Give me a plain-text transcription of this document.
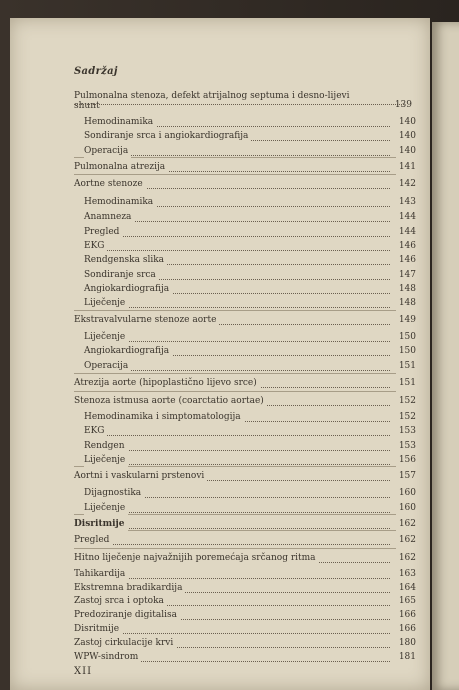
Sadržaj
Pulmonalna stenoza, defekt atrijalnog septuma i desno-lijevi
shunt	139
Hemodinamika	140
Sondiranje srca i angiokardiografija	140
Operacija	140
Pulmonalna atrezija	141
Aortne stenoze	142
Hemodinamika	143
Anamneza	144
Pregled	144
EKG	146
Rendgenska slika	146
Sondiranje srca	147
Angiokardiografija	148
Liječenje	148
Ekstravalvularne stenoze aorte	149
Liječenje	150
Angiokardiografija	150
Operacija	151
Atrezija aorte (hipoplastično lijevo srce)	151
Stenoza istmusa aorte (coarctatio aortae)	152
Hemodinamika i simptomatologija	152
EKG	153
Rendgen	153
Liječenje	156
Aortni i vaskularni prstenovi	157
Dijagnostika	160
Liječenje	160
Disritmije	162
Pregled	162
Hitno liječenje najvažnijih poremećaja srčanog ritma	162
Tahikardija	163
Ekstremna bradikardija	164
Zastoj srca i optoka	165
Predoziranje digitalisa	166
Disritmije	166
Zastoj cirkulacije krvi	180
WPW-sindrom	181
XII
